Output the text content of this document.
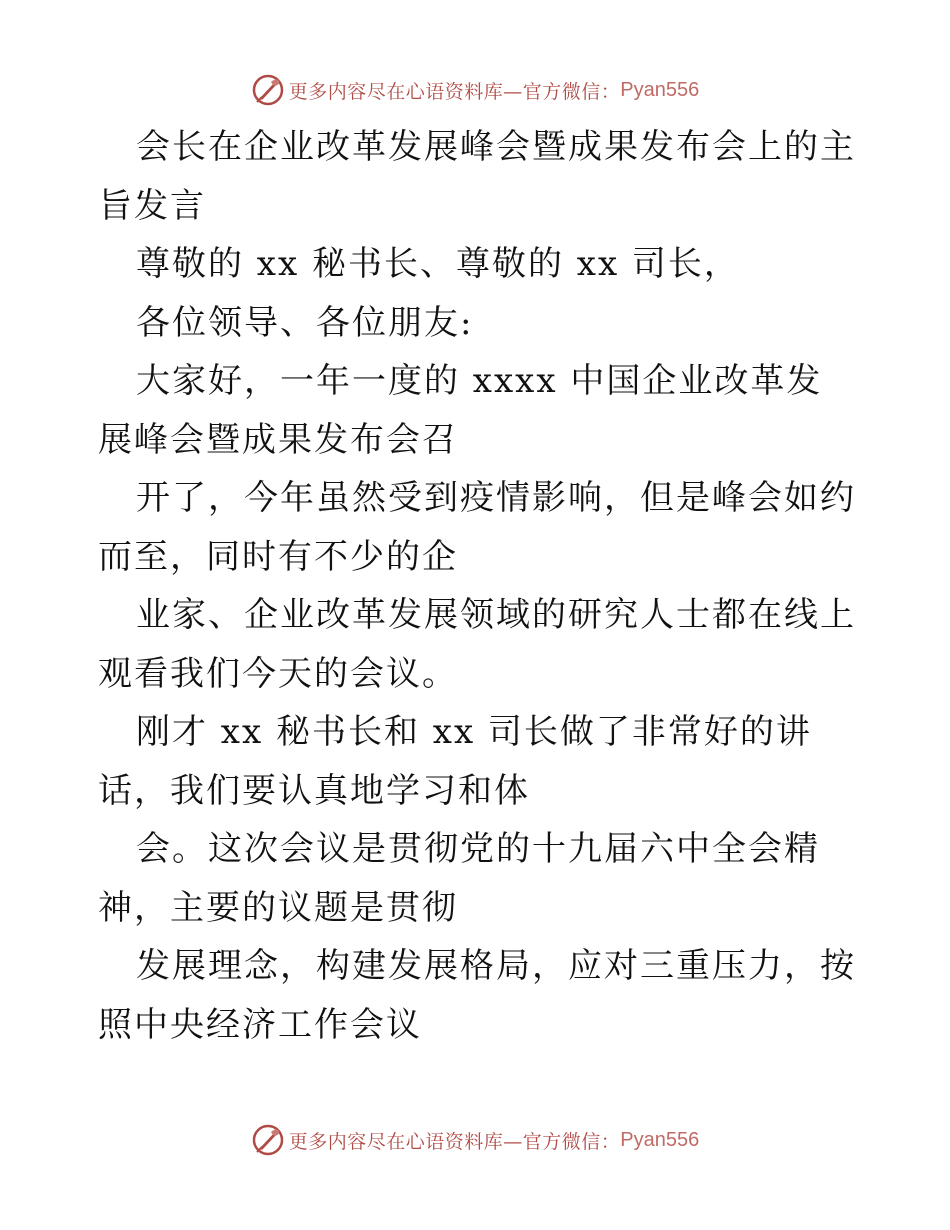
更多内容尽在心语资料库—官方微信： Pyan556

会长在企业改革发展峰会暨成果发布会上的主旨发言

尊敬的 xx 秘书长、尊敬的 xx 司长，

各位领导、各位朋友:

大家好，一年一度的 xxxx 中国企业改革发展峰会暨成果发布会召

开了，今年虽然受到疫情影响，但是峰会如约而至，同时有不少的企

业家、企业改革发展领域的研究人士都在线上观看我们今天的会议。

刚才 xx 秘书长和 xx 司长做了非常好的讲话，我们要认真地学习和体

会。这次会议是贯彻党的十九届六中全会精神，主要的议题是贯彻

发展理念，构建发展格局，应对三重压力，按照中央经济工作会议

更多内容尽在心语资料库—官方微信： Pyan556
